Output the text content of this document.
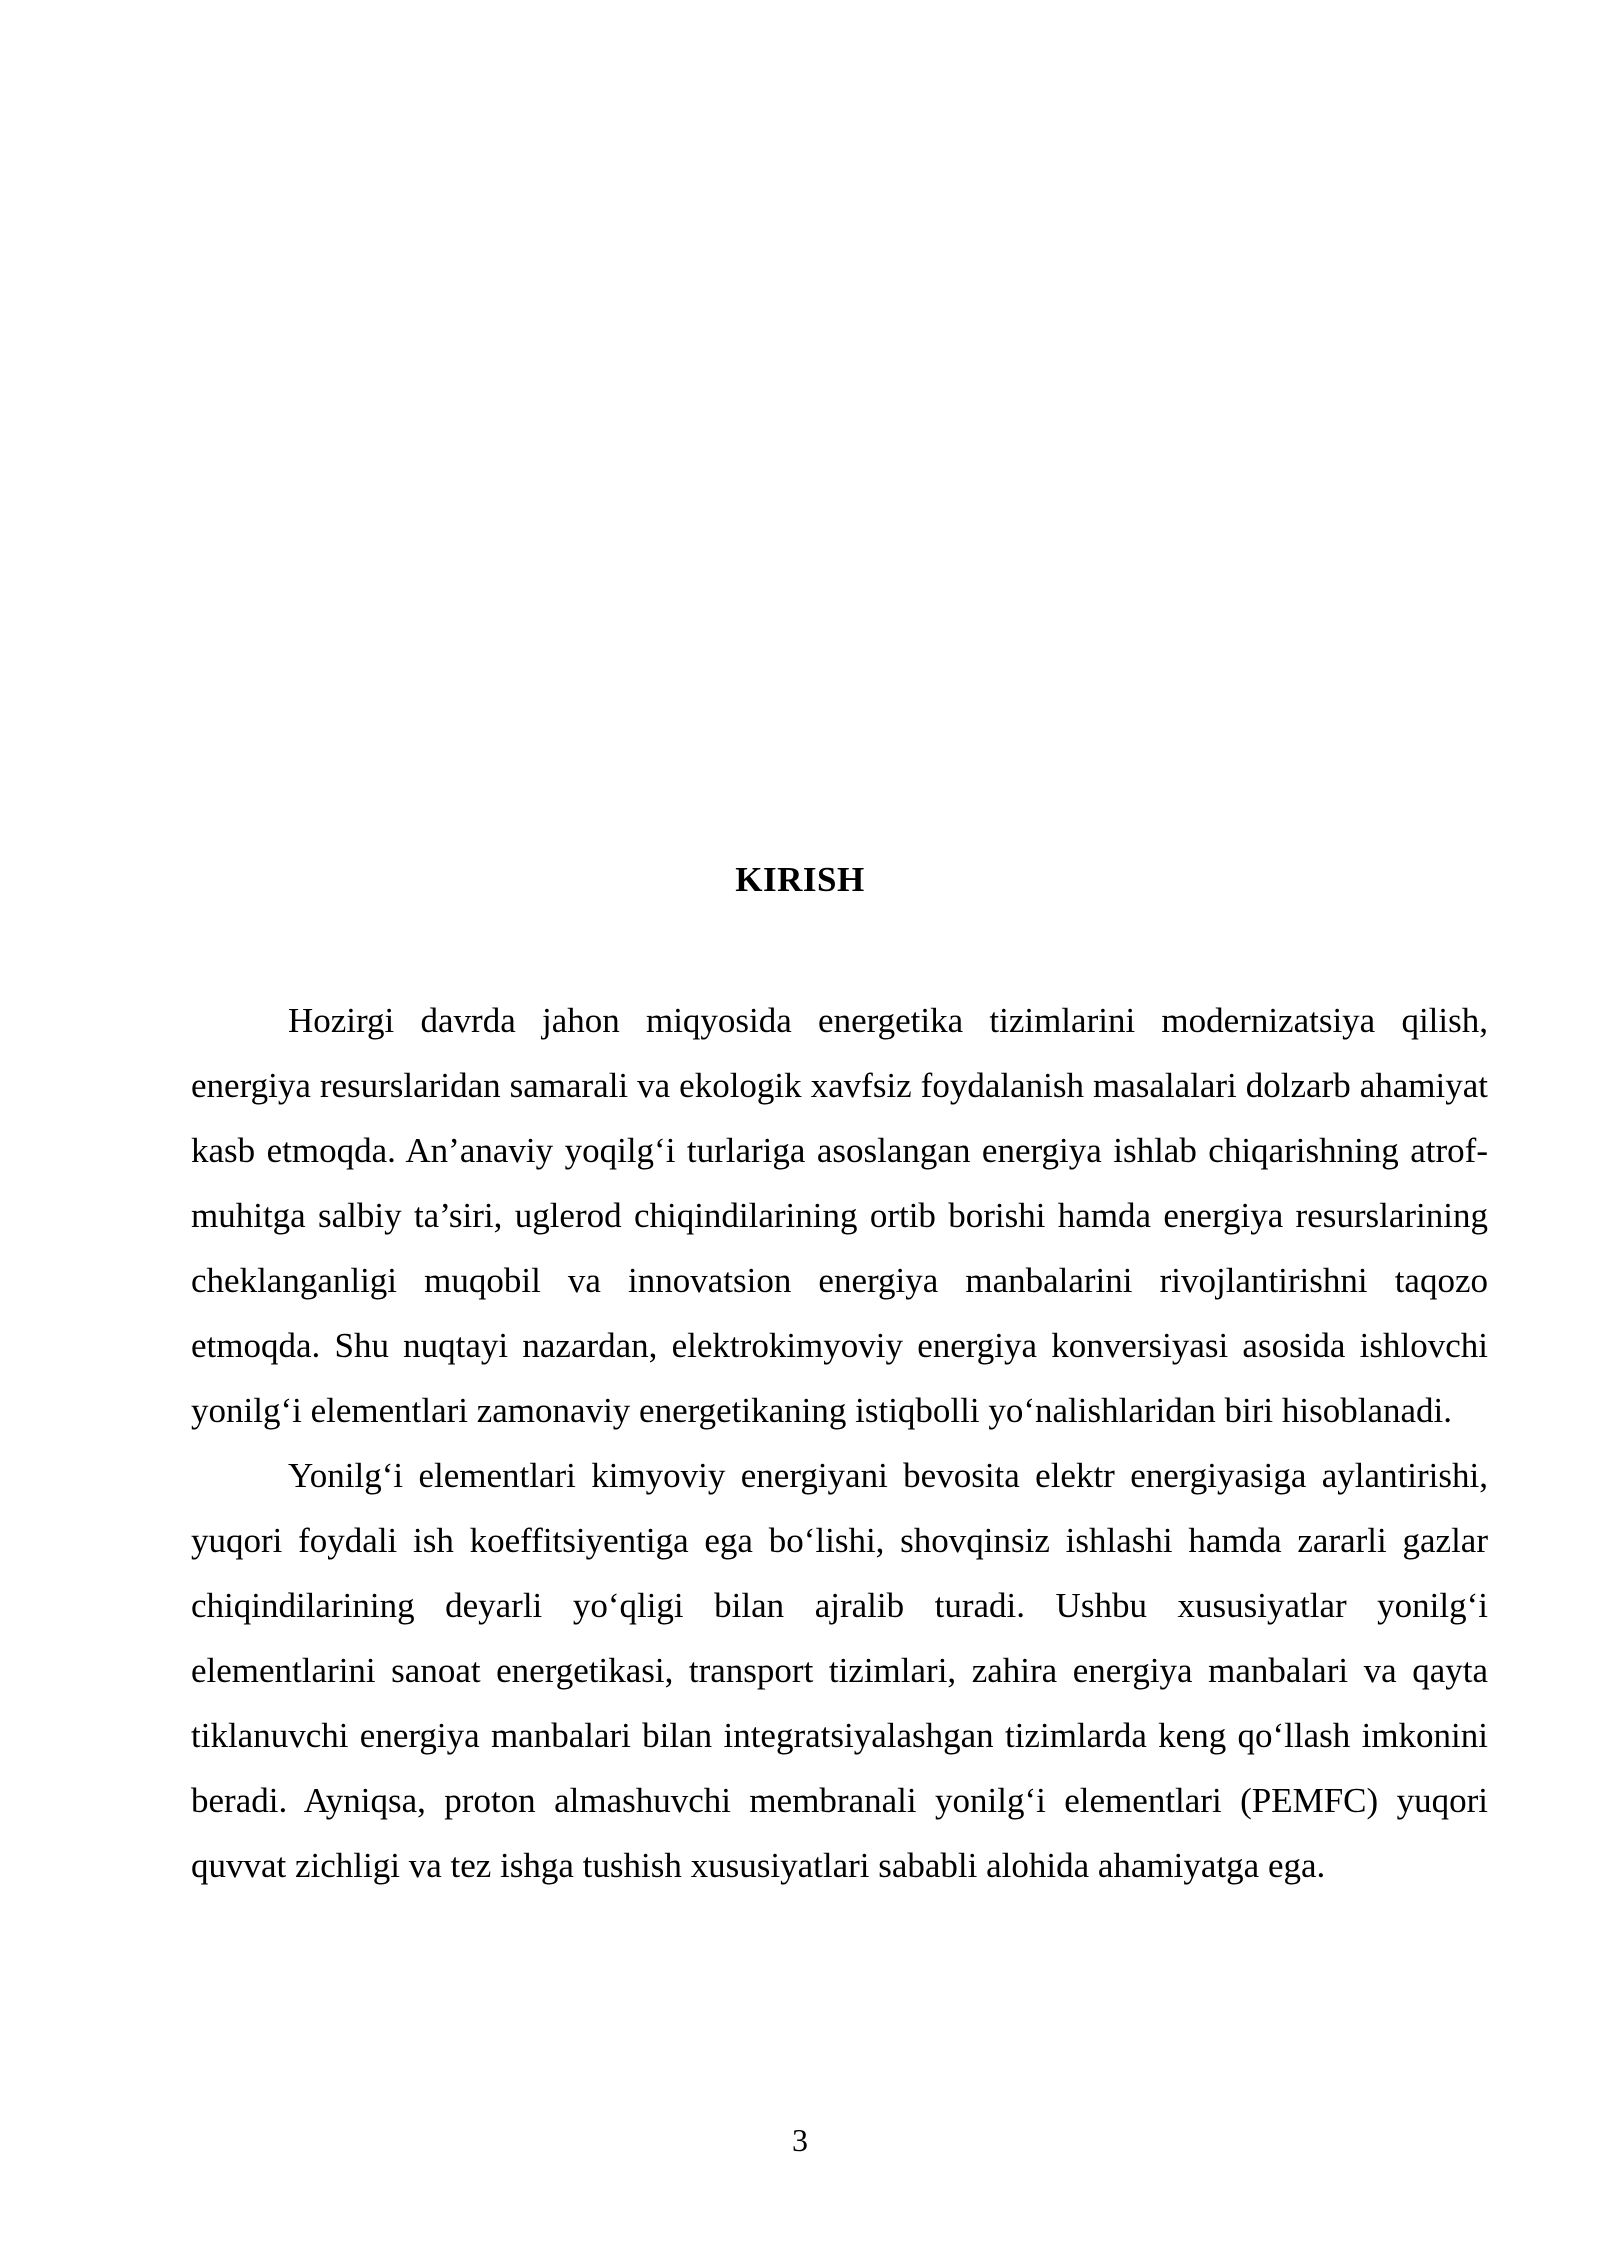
KIRISH

Hozirgi davrda jahon miqyosida energetika tizimlarini modernizatsiya qilish, energiya resurslaridan samarali va ekologik xavfsiz foydalanish masalalari dolzarb ahamiyat kasb etmoqda. An’anaviy yoqilg‘i turlariga asoslangan energiya ishlab chiqarishning atrof-muhitga salbiy ta’siri, uglerod chiqindilarining ortib borishi hamda energiya resurslarining cheklanganligi muqobil va innovatsion energiya manbalarini rivojlantirishni taqozo etmoqda. Shu nuqtayi nazardan, elektrokimyoviy energiya konversiyasi asosida ishlovchi yonilg‘i elementlari zamonaviy energetikaning istiqbolli yo‘nalishlaridan biri hisoblanadi.

Yonilg‘i elementlari kimyoviy energiyani bevosita elektr energiyasiga aylantirishi, yuqori foydali ish koeffitsiyentiga ega bo‘lishi, shovqinsiz ishlashi hamda zararli gazlar chiqindilarining deyarli yo‘qligi bilan ajralib turadi. Ushbu xususiyatlar yonilg‘i elementlarini sanoat energetikasi, transport tizimlari, zahira energiya manbalari va qayta tiklanuvchi energiya manbalari bilan integratsiyalashgan tizimlarda keng qo‘llash imkonini beradi. Ayniqsa, proton almashuvchi membranali yonilg‘i elementlari (PEMFC) yuqori quvvat zichligi va tez ishga tushish xususiyatlari sababli alohida ahamiyatga ega.

3
